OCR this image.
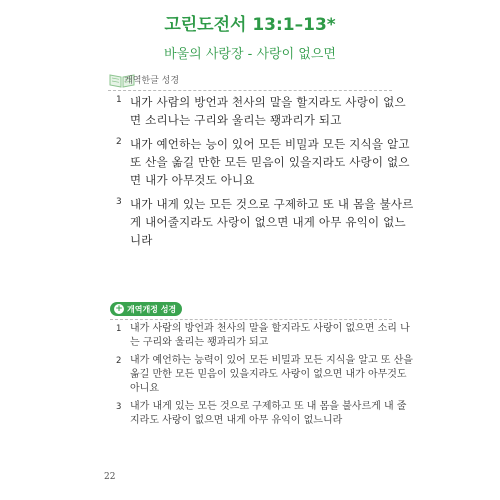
고린도전서 13:1–13*
바울의 사랑장 - 사랑이 없으면
개역한글 성경
1 내가 사람의 방언과 천사의 말을 할지라도 사랑이 없으면 소리나는 구리와 울리는 꽹과리가 되고
2 내가 예언하는 능이 있어 모든 비밀과 모든 지식을 알고 또 산을 옮길 만한 모든 믿음이 있을지라도 사랑이 없으면 내가 아무것도 아니요
3 내가 내게 있는 모든 것으로 구제하고 또 내 몸을 불사르게 내어줄지라도 사랑이 없으면 내게 아무 유익이 없느니라
+ 개역개정 성경
1 내가 사람의 방언과 천사의 말을 할지라도 사랑이 없으면 소리 나는 구리와 울리는 꽹과리가 되고
2 내가 예언하는 능력이 있어 모든 비밀과 모든 지식을 알고 또 산을 옮길 만한 모든 믿음이 있을지라도 사랑이 없으면 내가 아무것도 아니요
3 내가 내게 있는 모든 것으로 구제하고 또 내 몸을 불사르게 내 줄지라도 사랑이 없으면 내게 아무 유익이 없느니라
22
